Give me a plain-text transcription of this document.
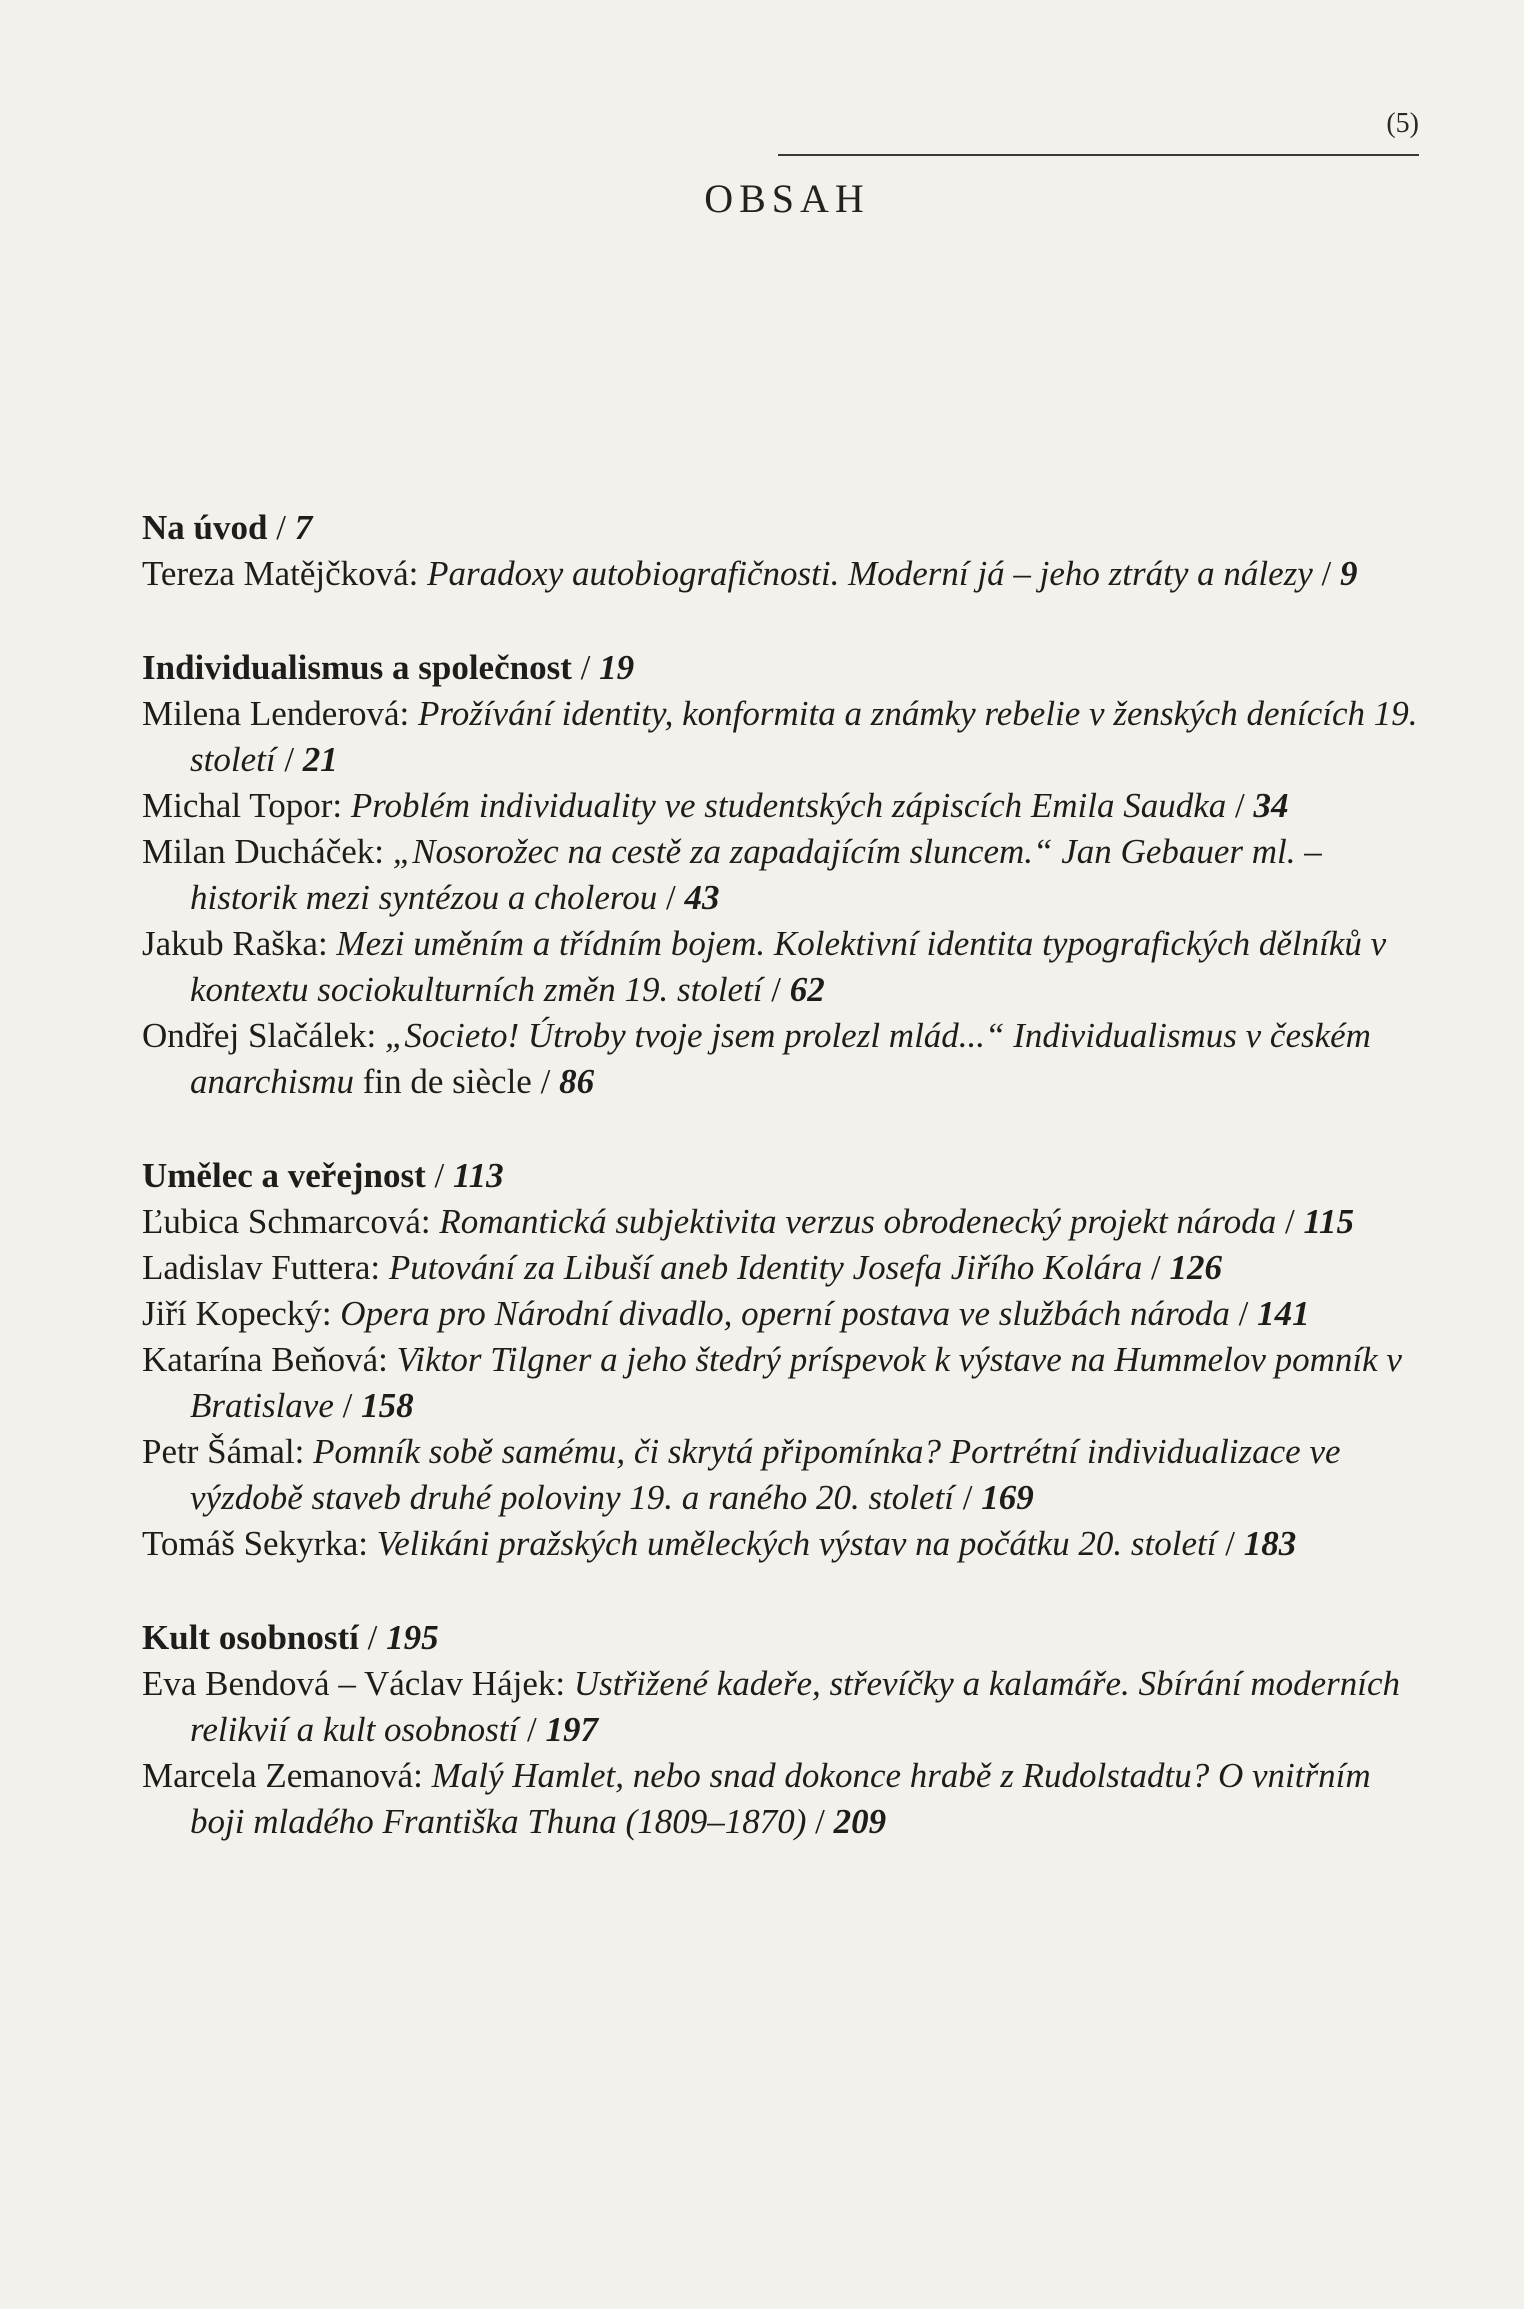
(5)
OBSAH
Na úvod / 7
Tereza Matějčková: Paradoxy autobiografičnosti. Moderní já – jeho ztráty a nálezy / 9
Individualismus a společnost / 19
Milena Lenderová: Prožívání identity, konformita a známky rebelie v ženských denících 19. století / 21
Michal Topor: Problém individuality ve studentských zápiscích Emila Saudka / 34
Milan Ducháček: „Nosorožec na cestě za zapadajícím sluncem.“ Jan Gebauer ml. – historik mezi syntézou a cholerou / 43
Jakub Raška: Mezi uměním a třídním bojem. Kolektivní identita typografických dělníků v kontextu sociokulturních změn 19. století / 62
Ondřej Slačálek: „Societo! Útroby tvoje jsem prolezl mlád...“ Individualismus v českém anarchismu fin de siècle / 86
Umělec a veřejnost / 113
Ľubica Schmarcová: Romantická subjektivita verzus obrodenecký projekt národa / 115
Ladislav Futtera: Putování za Libuší aneb Identity Josefa Jiřího Kolára / 126
Jiří Kopecký: Opera pro Národní divadlo, operní postava ve službách národa / 141
Katarína Beňová: Viktor Tilgner a jeho štedrý príspevok k výstave na Hummelov pomník v Bratislave / 158
Petr Šámal: Pomník sobě samému, či skrytá připomínka? Portrétní individualizace ve výzdobě staveb druhé poloviny 19. a raného 20. století / 169
Tomáš Sekyrka: Velikáni pražských uměleckých výstav na počátku 20. století / 183
Kult osobností / 195
Eva Bendová – Václav Hájek: Ustřižené kadeře, střevíčky a kalamáře. Sbírání moderních relikvií a kult osobností / 197
Marcela Zemanová: Malý Hamlet, nebo snad dokonce hrabě z Rudolstadtu? O vnitřním boji mladého Františka Thuna (1809–1870) / 209
